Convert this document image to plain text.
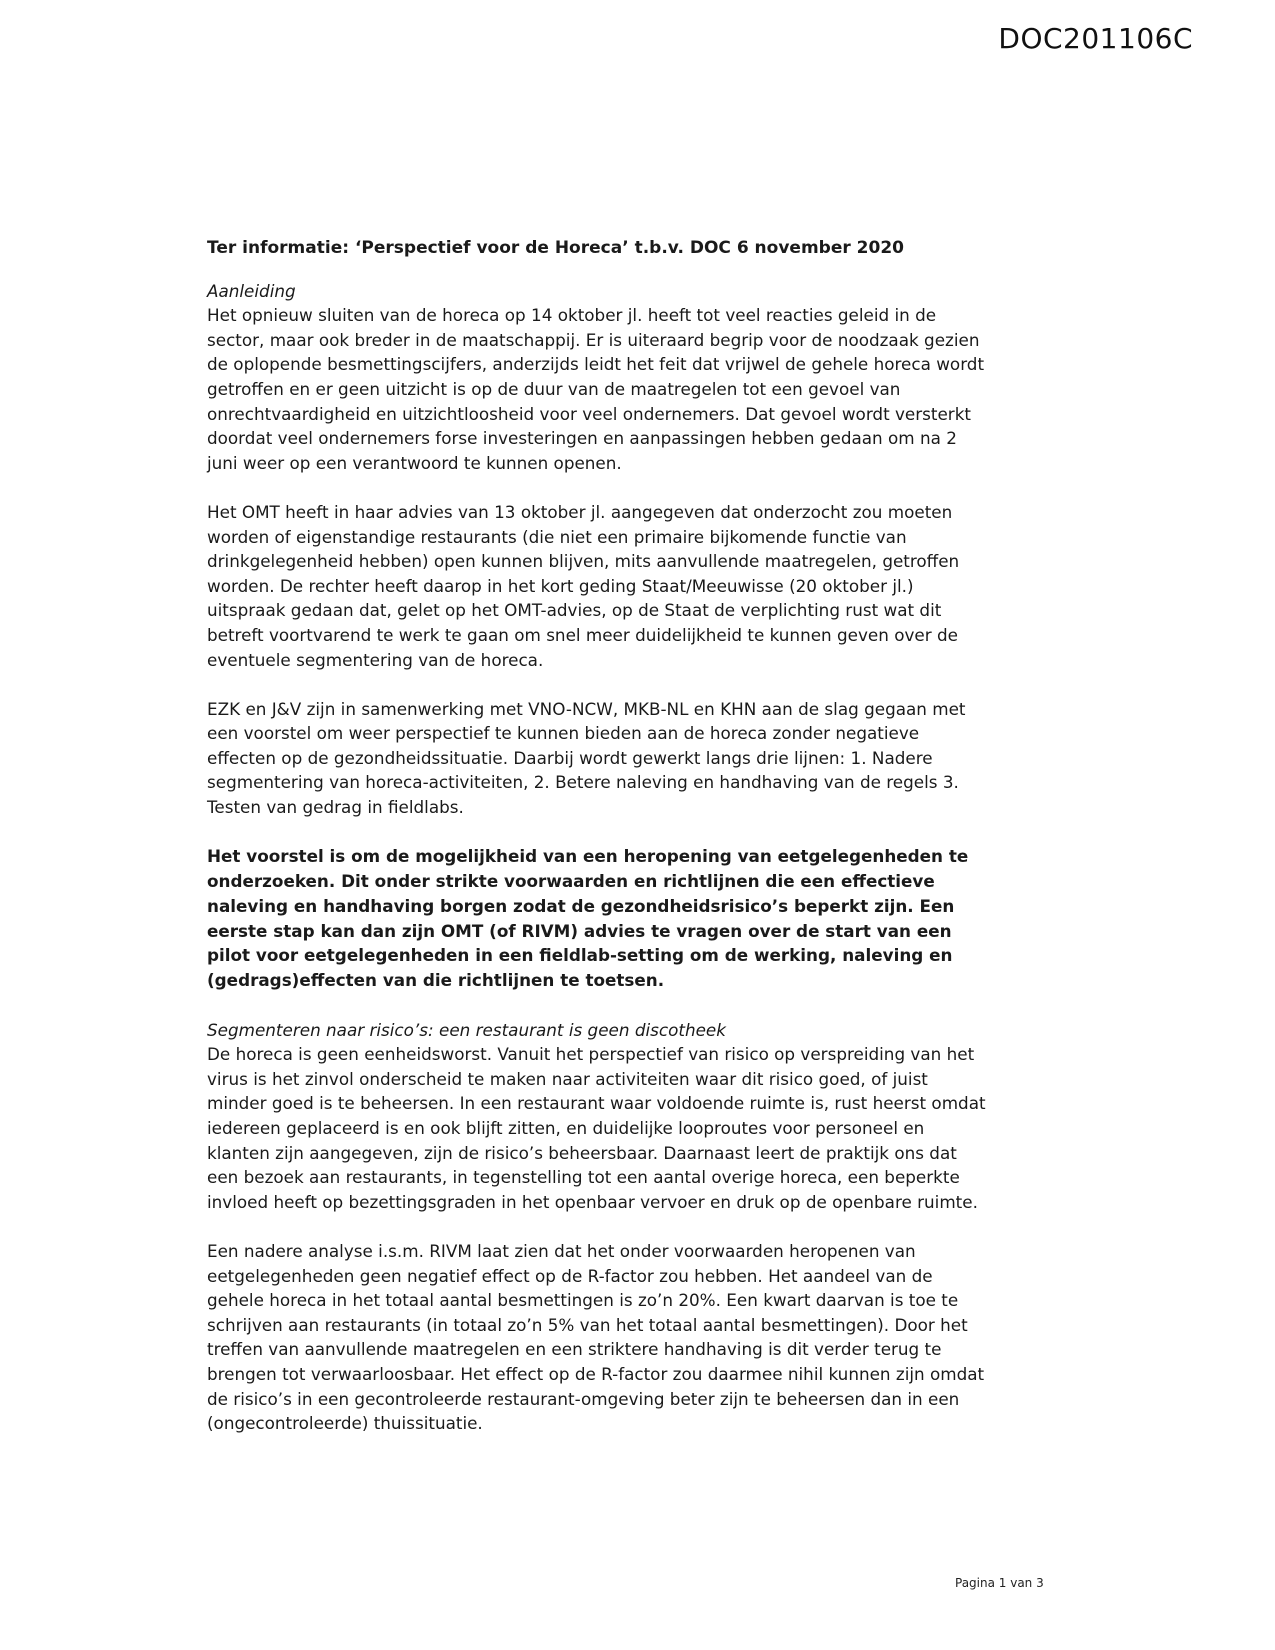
DOC201106C
Ter informatie: ‘Perspectief voor de Horeca’ t.b.v. DOC 6 november 2020
Aanleiding

Het opnieuw sluiten van de horeca op 14 oktober jl. heeft tot veel reacties geleid in de sector, maar ook breder in de maatschappij. Er is uiteraard begrip voor de noodzaak gezien de oplopende besmettingscijfers, anderzijds leidt het feit dat vrijwel de gehele horeca wordt getroffen en er geen uitzicht is op de duur van de maatregelen tot een gevoel van onrechtvaardigheid en uitzichtloosheid voor veel ondernemers. Dat gevoel wordt versterkt doordat veel ondernemers forse investeringen en aanpassingen hebben gedaan om na 2 juni weer op een verantwoord te kunnen openen.

Het OMT heeft in haar advies van 13 oktober jl. aangegeven dat onderzocht zou moeten worden of eigenstandige restaurants (die niet een primaire bijkomende functie van drinkgelegenheid hebben) open kunnen blijven, mits aanvullende maatregelen, getroffen worden. De rechter heeft daarop in het kort geding Staat/Meeuwisse (20 oktober jl.) uitspraak gedaan dat, gelet op het OMT-advies, op de Staat de verplichting rust wat dit betreft voortvarend te werk te gaan om snel meer duidelijkheid te kunnen geven over de eventuele segmentering van de horeca.

EZK en J&V zijn in samenwerking met VNO-NCW, MKB-NL en KHN aan de slag gegaan met een voorstel om weer perspectief te kunnen bieden aan de horeca zonder negatieve effecten op de gezondheidssituatie. Daarbij wordt gewerkt langs drie lijnen: 1. Nadere segmentering van horeca-activiteiten, 2. Betere naleving en handhaving van de regels 3. Testen van gedrag in fieldlabs.

Het voorstel is om de mogelijkheid van een heropening van eetgelegenheden te onderzoeken. Dit onder strikte voorwaarden en richtlijnen die een effectieve naleving en handhaving borgen zodat de gezondheidsrisico’s beperkt zijn. Een eerste stap kan dan zijn OMT (of RIVM) advies te vragen over de start van een pilot voor eetgelegenheden in een fieldlab-setting om de werking, naleving en (gedrags)effecten van die richtlijnen te toetsen.

Segmenteren naar risico’s: een restaurant is geen discotheek

De horeca is geen eenheidsworst. Vanuit het perspectief van risico op verspreiding van het virus is het zinvol onderscheid te maken naar activiteiten waar dit risico goed, of juist minder goed is te beheersen. In een restaurant waar voldoende ruimte is, rust heerst omdat iedereen geplaceerd is en ook blijft zitten, en duidelijke looproutes voor personeel en klanten zijn aangegeven, zijn de risico’s beheersbaar. Daarnaast leert de praktijk ons dat een bezoek aan restaurants, in tegenstelling tot een aantal overige horeca, een beperkte invloed heeft op bezettingsgraden in het openbaar vervoer en druk op de openbare ruimte.

Een nadere analyse i.s.m. RIVM laat zien dat het onder voorwaarden heropenen van eetgelegenheden geen negatief effect op de R-factor zou hebben. Het aandeel van de gehele horeca in het totaal aantal besmettingen is zo’n 20%. Een kwart daarvan is toe te schrijven aan restaurants (in totaal zo’n 5% van het totaal aantal besmettingen). Door het treffen van aanvullende maatregelen en een striktere handhaving is dit verder terug te brengen tot verwaarloosbaar. Het effect op de R-factor zou daarmee nihil kunnen zijn omdat de risico’s in een gecontroleerde restaurant-omgeving beter zijn te beheersen dan in een (ongecontroleerde) thuissituatie.

Pagina 1 van 3
